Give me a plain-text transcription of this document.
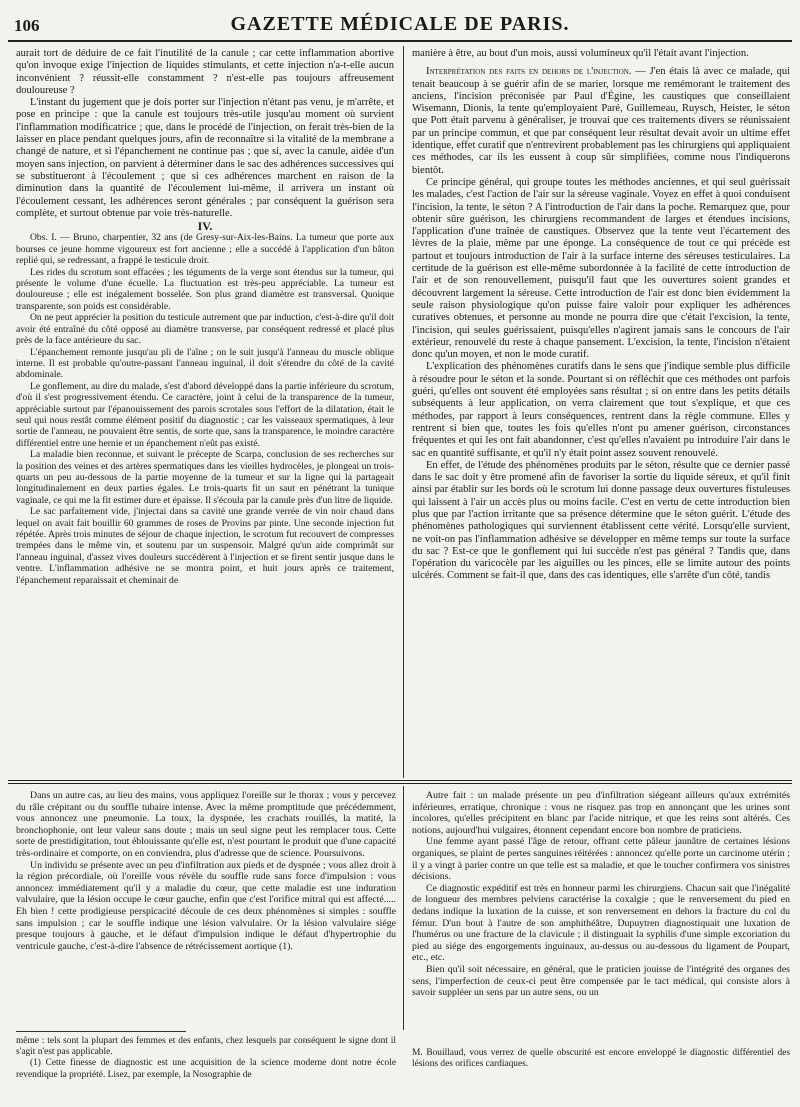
106	GAZETTE MÉDICALE DE PARIS.

aurait tort de déduire de ce fait l'inutilité de la canule ; car cette inflammation abortive qu'on invoque exige l'injection de liquides stimulants, et cette injection n'a-t-elle aucun inconvénient ? réussit-elle constamment ? n'est-elle pas toujours affreusement douloureuse ?

L'instant du jugement que je dois porter sur l'injection n'étant pas venu, je m'arrête, et pose en principe : que la canule est toujours très-utile jusqu'au moment où survient l'inflammation modificatrice ; que, dans le procédé de l'injection, on ferait très-bien de la laisser en place pendant quelques jours, afin de reconnaître si la vitalité de la membrane a changé de nature, et si l'épanchement ne continue pas ; que si, avec la canule, aidée d'un moyen sans injection, on parvient à déterminer dans le sac des adhérences successives qui se substitueront à l'écoulement ; que si ces adhérences marchent en raison de la diminution dans la quantité de l'écoulement lui-même, il arrivera un instant où l'écoulement cessant, les adhérences seront générales ; par conséquent la guérison sera complète, et surtout obtenue par voie très-naturelle.

IV.

Obs. I. — Bruno, charpentier, 32 ans (de Gresy-sur-Aix-les-Bains. La tumeur que porte aux bourses ce jeune homme vigoureux est fort ancienne ; elle a succédé à l'application d'un bâton replié qui, se redressant, a frappé le testicule droit.

Les rides du scrotum sont effacées ; les téguments de la verge sont étendus sur la tumeur, qui présente le volume d'une écuelle. La fluctuation est très-peu appréciable. La tumeur est douloureuse ; elle est inégalement bosselée. Son plus grand diamètre est transversal. Quoique transparente, son poids est considérable.

On ne peut apprécier la position du testicule autrement que par induction, c'est-à-dire qu'il doit avoir été entraîné du côté opposé au diamètre transverse, par conséquent redressé et placé plus près de la face antérieure du sac.

L'épanchement remonte jusqu'au pli de l'aîne ; on le suit jusqu'à l'anneau du muscle oblique interne. Il est probable qu'outre-passant l'anneau inguinal, il doit s'étendre du côté de la cavité abdominale.

Le gonflement, au dire du malade, s'est d'abord développé dans la partie inférieure du scrotum, d'où il s'est progressivement étendu. Ce caractère, joint à celui de la transparence de la tumeur, appréciable surtout par l'épanouissement des parois scrotales sous l'effort de la dilatation, était le seul qui nous restât comme élément positif du diagnostic ; car les vaisseaux spermatiques, à leur sortie de l'anneau, ne pouvaient être sentis, de sorte que, sans la transparence, le moindre caractère différentiel entre une hernie et un épanchement n'eût pas existé.

La maladie bien reconnue, et suivant le précepte de Scarpa, conclusion de ses recherches sur la position des veines et des artères spermatiques dans les vieilles hydrocèles, je plongeai un trois-quarts un peu au-dessous de la partie moyenne de la tumeur et sur la ligne qui la partageait longitudinalement en deux parties égales. Le trois-quarts fit un saut en pénétrant la tunique vaginale, ce qui me la fit estimer dure et épaisse. Il s'écoula par la canule près d'un litre de liquide.

Le sac parfaitement vide, j'injectai dans sa cavité une grande verrée de vin noir chaud dans lequel on avait fait bouillir 60 grammes de roses de Provins par pinte. Une seconde injection fut répétée. Après trois minutes de séjour de chaque injection, le scrotum fut recouvert de compresses trempées dans le même vin, et soutenu par un suspensoir. Malgré qu'un aide comprimât sur l'anneau inguinal, d'assez vives douleurs succédèrent à l'injection et se firent sentir jusque dans le ventre. L'inflammation adhésive ne se montra point, et huit jours après ce traitement, l'épanchement reparaissait et cheminait de

manière à être, au bout d'un mois, aussi volumineux qu'il l'était avant l'injection.

Interprétation des faits en dehors de l'injection. — J'en étais là avec ce malade, qui tenait beaucoup à se guérir afin de se marier, lorsque me remémorant le traitement des anciens, l'incision préconisée par Paul d'Égine, les caustiques que conseillaient Wisemann, Dionis, la tente qu'employaient Paré, Guillemeau, Ruysch, Heister, le séton que Pott était parvenu à généraliser, je trouvai que ces traitements divers se réunissaient par un principe commun, et que par conséquent leur résultat devait avoir un ultime effet identique, effet curatif que n'entrevirent probablement pas les chirurgiens qui appliquaient ces méthodes, car ils les eussent à coup sûr simplifiées, comme nous l'indiquerons bientôt.

Ce principe général, qui groupe toutes les méthodes anciennes, et qui seul guérissait les malades, c'est l'action de l'air sur la séreuse vaginale. Voyez en effet à quoi conduisent l'incision, la tente, le séton ? A l'introduction de l'air dans la poche. Remarquez que, pour obtenir sûre guérison, les chirurgiens recommandent de larges et étendues incisions, l'application d'une traînée de caustiques. Observez que la tente veut l'écartement des lèvres de la plaie, même par une éponge. La conséquence de tout ce qui précède est partout et toujours introduction de l'air à la surface interne des séreuses testiculaires. La certitude de la guérison est elle-même subordonnée à la facilité de cette introduction de l'air et de son renouvellement, puisqu'il faut que les ouvertures soient grandes et découvrent largement la séreuse. Cette introduction de l'air est donc bien évidemment la seule raison physiologique qu'on puisse faire valoir pour expliquer les adhérences curatives obtenues, et personne au monde ne pourra dire que c'était l'excision, la tente, l'incision, qui seules guérissaient, puisqu'elles n'agirent jamais sans le concours de l'air extérieur, renouvelé du reste à chaque pansement. L'excision, la tente, l'incision n'étaient donc qu'un moyen, et non le mode curatif.

L'explication des phénomènes curatifs dans le sens que j'indique semble plus difficile à résoudre pour le séton et la sonde. Pourtant si on réfléchit que ces méthodes ont parfois guéri, qu'elles ont souvent été employées sans résultat ; si on entre dans les petits détails subséquents à leur application, on verra clairement que tout s'explique, et que ces méthodes, par rapport à leurs conséquences, rentrent dans la règle commune. Elles y rentrent si bien que, toutes les fois qu'elles n'ont pu amener guérison, circonstances fréquentes et qui les ont fait abandonner, c'est qu'elles n'avaient pu introduire l'air dans le sac en quantité suffisante, et qu'il n'y était point assez souvent renouvelé.

En effet, de l'étude des phénomènes produits par le séton, résulte que ce dernier passé dans le sac doit y être promené afin de favoriser la sortie du liquide séreux, et qu'il finit ainsi par établir sur les bords où le scrotum lui donne passage deux ouvertures fistuleuses qui laissent à l'air un accès plus ou moins facile. C'est en vertu de cette introduction bien plus que par l'action irritante que sa présence détermine que le séton guérit. L'étude des phénomènes pathologiques qui surviennent établissent cette vérité. Lorsqu'elle survient, ne voit-on pas l'inflammation adhésive se développer en même temps sur toute la surface du sac ? Est-ce que le gonflement qui lui succède n'est pas général ? Tandis que, dans l'opération du varicocèle par les aiguilles ou les pinces, elle se limite autour des points ulcérés. Comment se fait-il que, dans des cas identiques, elle s'arrête d'un côté, tandis

Dans un autre cas, au lieu des mains, vous appliquez l'oreille sur le thorax ; vous y percevez du râle crépitant ou du souffle tubaire intense. Avec la même promptitude que précédemment, vous annoncez une pneumonie. La toux, la dyspnée, les crachats rouillés, la matité, la bronchophonie, ont leur valeur sans doute ; mais un seul signe peut les remplacer tous. Cette sorte de prestidigitation, tout éblouissante qu'elle est, n'est pourtant le produit que d'une capacité très-ordinaire et comporte, on en conviendra, plus d'adresse que de science. Poursuivons.

Un individu se présente avec un peu d'infiltration aux pieds et de dyspnée ; vous allez droit à la région précordiale, où l'oreille vous révèle du souffle rude sans force d'impulsion : vous annoncez immédiatement qu'il y a maladie du cœur, que cette maladie est une induration valvulaire, que la lésion occupe le cœur gauche, enfin que c'est l'orifice mitral qui est affecté..... Eh bien ! cette prodigieuse perspicacité découle de ces deux phénomènes si simples : souffle sans impulsion ; car le souffle indique une lésion valvulaire. Or la lésion valvulaire siége presque toujours à gauche, et le défaut d'impulsion indique le défaut d'hypertrophie du ventricule gauche, c'est-à-dire l'absence de rétrécissement aortique (1).

Autre fait : un malade présente un peu d'infiltration siégeant ailleurs qu'aux extrémités inférieures, erratique, chronique : vous ne risquez pas trop en annonçant que les urines sont incolores, qu'elles précipitent en blanc par l'acide nitrique, et que les reins sont altérés. Ces notions, aujourd'hui vulgaires, étonnent cependant encore bon nombre de praticiens.

Une femme ayant passé l'âge de retour, offrant cette pâleur jaunâtre de certaines lésions organiques, se plaint de pertes sanguines réitérées : annoncez qu'elle porte un carcinome utérin ; il y a vingt à parier contre un que telle est sa maladie, et que le toucher confirmera vos sinistres décisions.

Ce diagnostic expéditif est très en honneur parmi les chirurgiens. Chacun sait que l'inégalité de longueur des membres pelviens caractérise la coxalgie ; que le renversement du pied en dedans indique la luxation de la cuisse, et son renversement en dehors la fracture du col du fémur. D'un bout à l'autre de son amphithéâtre, Dupuytren diagnostiquait une luxation de l'humérus ou une fracture de la clavicule ; il distinguait la syphilis d'une simple excoriation du pied au siége des engorgements inguinaux, au-dessus ou au-dessous du ligament de Poupart, etc., etc.

Bien qu'il soit nécessaire, en général, que le praticien jouisse de l'intégrité des organes des sens, l'imperfection de ceux-ci peut être compensée par le tact médical, qui consiste alors à savoir suppléer un sens par un autre sens, ou un

même : tels sont la plupart des femmes et des enfants, chez lesquels par conséquent le signe dont il s'agit n'est pas applicable.

(1) Cette finesse de diagnostic est une acquisition de la science moderne dont notre école revendique la propriété. Lisez, par exemple, la Nosographie de

M. Bouillaud, vous verrez de quelle obscurité est encore enveloppé le diagnostic différentiel des lésions des orifices cardiaques.
